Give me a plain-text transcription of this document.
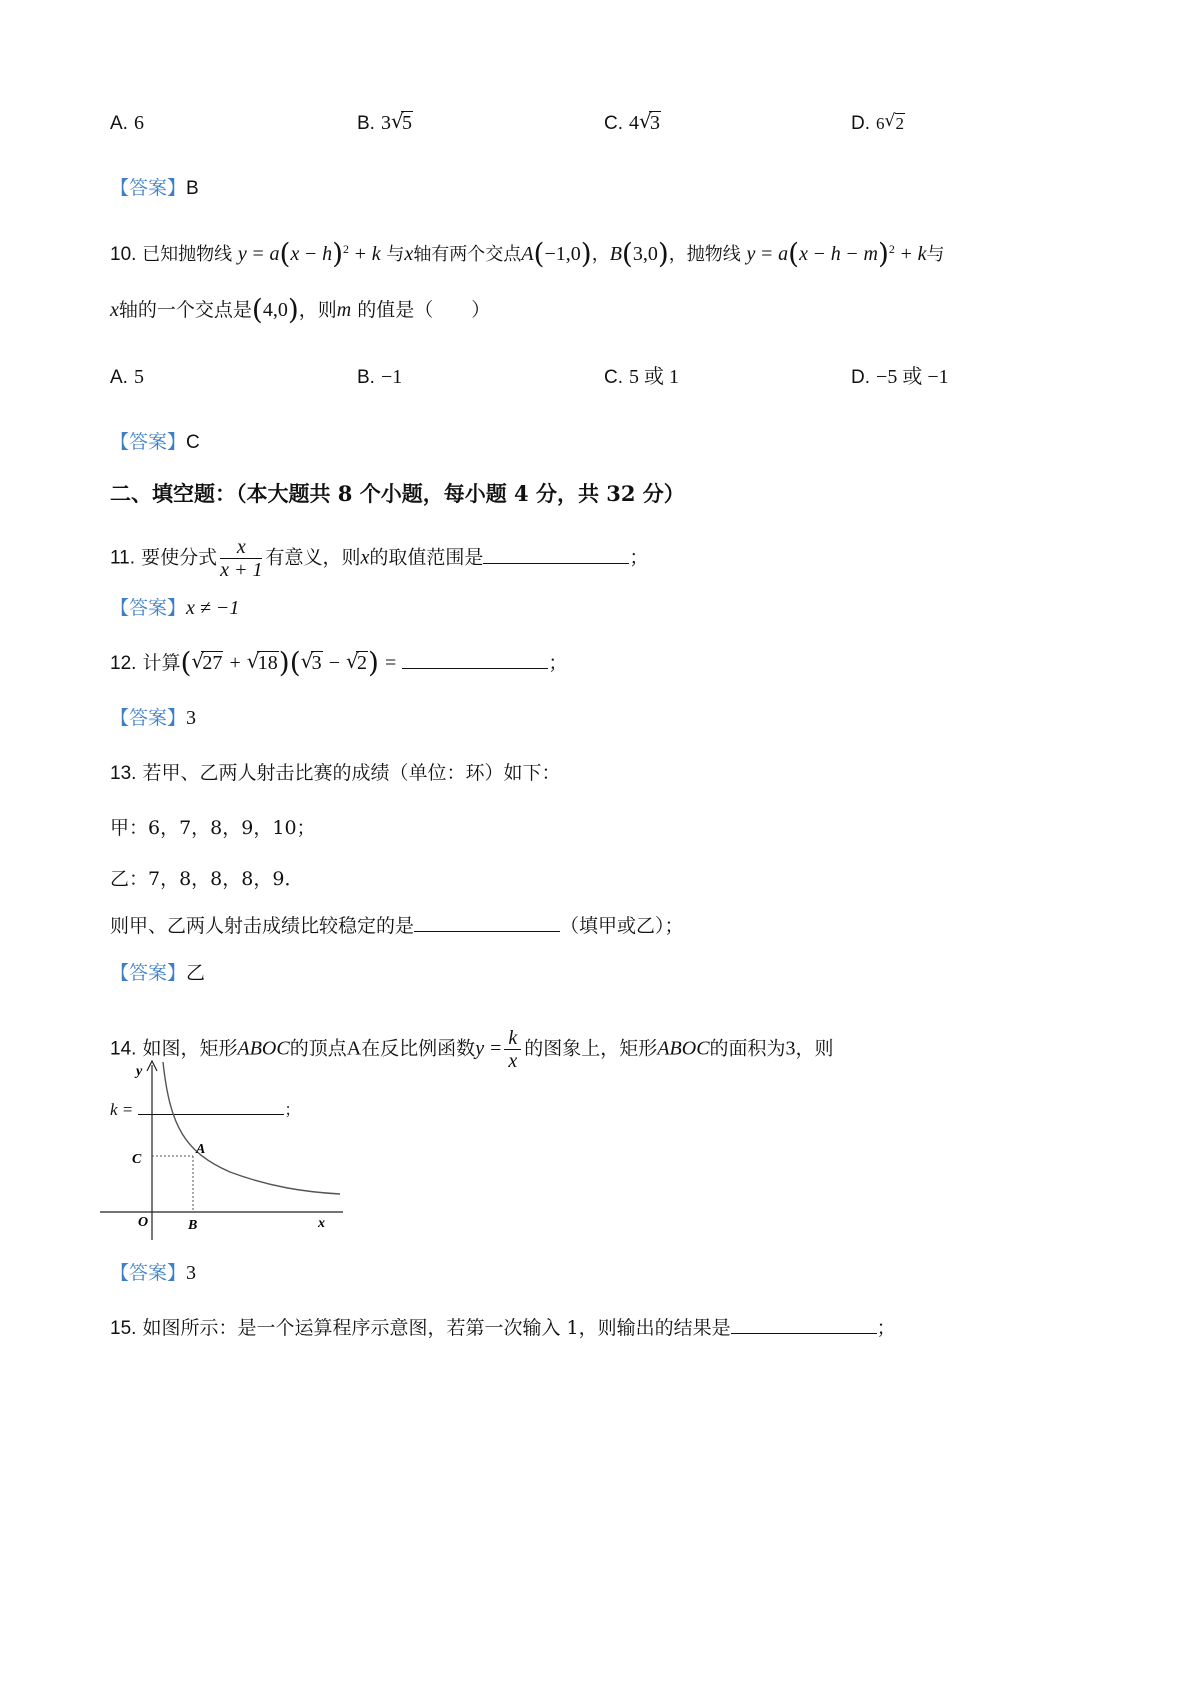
A. 6	B. 3 √
5	C. 4 √
3	D. 6 √ 2
【答案】B
10. 已知抛物线 $y = a(x - h)^2 + k$ 与x轴有两个交点A(−1,0)，B(3,0)，抛物线 $y = a(x - h - m)^2 + k$与
x轴的一个交点是(4,0)，则m 的值是（　　）
A. 5	B. −1	C. 5 或 1	D. −5 或 −1
【答案】C
二、填空题：（本大题共 8 个小题，每小题 4 分，共 32 分）
11. 要使分式 $\frac{x}{x + 1}$ 有意义，则x的取值范围是	；
【答案】x ≠ −1
12. 计算( √
27 + √
18)( √
3 − √
2) =	；
【答案】3
13. 若甲、乙两人射击比赛的成绩（单位：环）如下：
甲：6，7，8，9，10；
乙：7，8，8，8，9．
则甲、乙两人射击成绩比较稳定的是	（填甲或乙）；
【答案】乙
14. 如图，矩形ABOC的顶点A在反比例函数$y = \frac{k}{x}$ 的图象上，矩形ABOC的面积为3，则
k =	；
y
x
C
A
O	B
【答案】3
15. 如图所示：是一个运算程序示意图，若第一次输入 1，则输出的结果是	；
